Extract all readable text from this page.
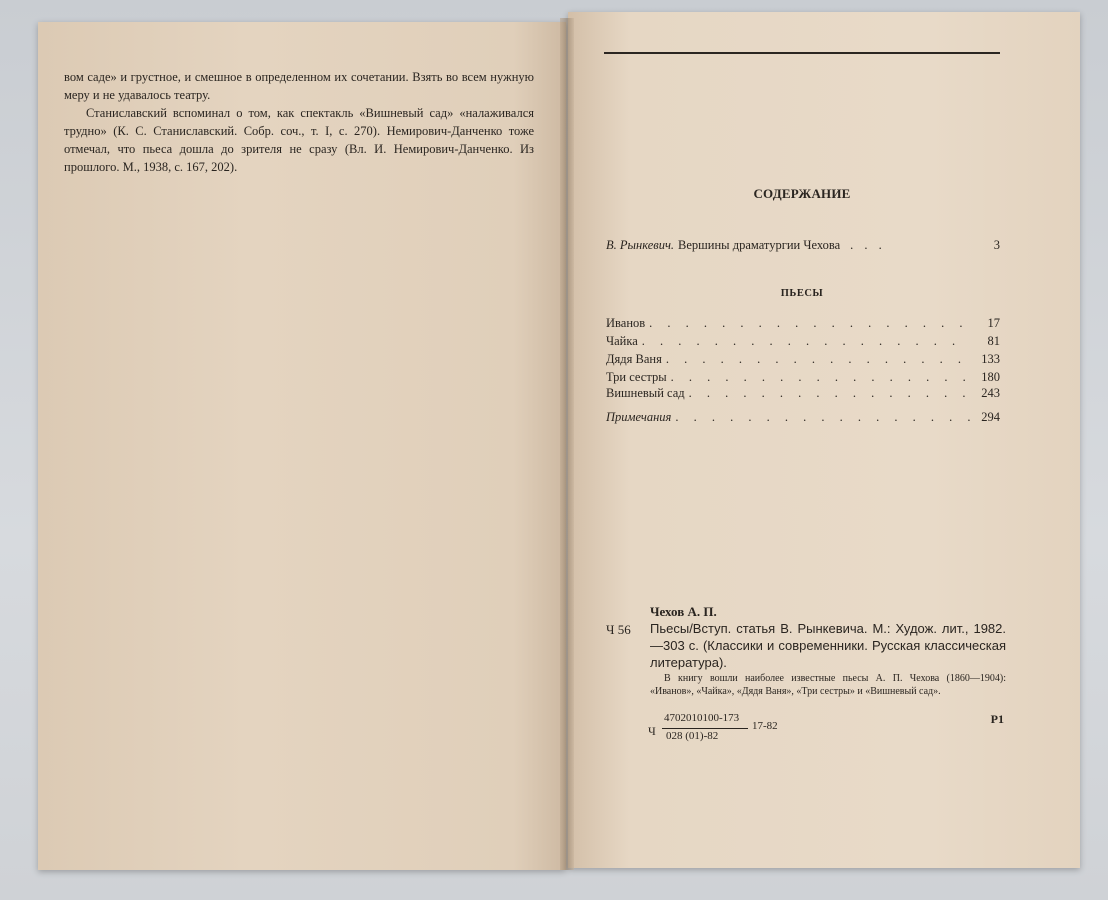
вом саде» и грустное, и смешное в определенном их сочетании. Взять во всем нужную меру и не удавалось театру.

Станиславский вспоминал о том, как спектакль «Вишневый сад» «налаживался трудно» (К. С. Станиславский. Собр. соч., т. I, с. 270). Немирович-Данченко тоже отмечал, что пьеса дошла до зрителя не сразу (Вл. И. Немирович-Данченко. Из прошлого. М., 1938, с. 167, 202).

СОДЕРЖАНИЕ
В. Рынкевич. Вершины драматургии Чехова . . .	3
ПЬЕСЫ
Иванов . . .	17
Чайка . . .	81
Дядя Ваня . . .	133
Три сестры . . .	180
Вишневый сад . . .	243
Примечания . . .	294
Ч 56
Чехов А. П.
Пьесы/Вступ. статья В. Рынкевича. М.: Худож. лит., 1982.—303 с. (Классики и современники. Русская классическая литература).
В книгу вошли наиболее известные пьесы А. П. Чехова (1860—1904): «Иванов», «Чайка», «Дядя Ваня», «Три сестры» и «Вишневый сад».
Ч
4702010100-173
028 (01)-82
17-82	Р1
